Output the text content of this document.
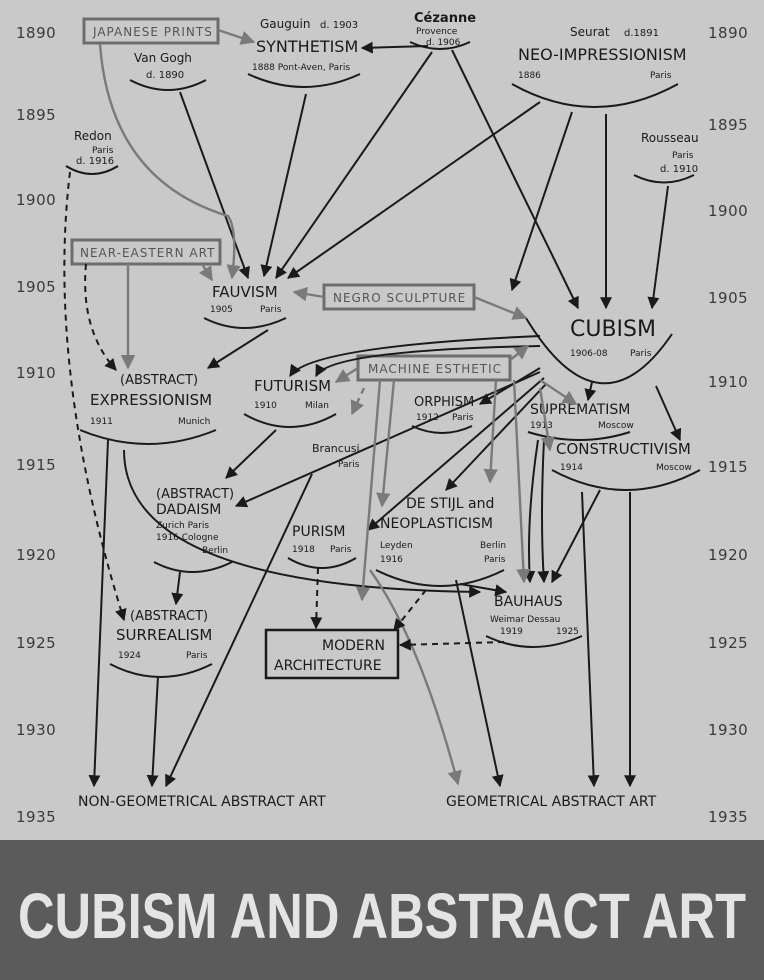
1890
1895
1900
1905
1910
1915
1920
1925
1930
1935
1890
1895
1900
1905
1910
1915
1920
1925
1930
1935
JAPANESE PRINTS
NEAR-EASTERN ART
NEGRO SCULPTURE
MACHINE ESTHETIC
MODERN
ARCHITECTURE
Van Gogh
d. 1890
Gauguin d. 1903
SYNTHETISM
1888 Pont-Aven, Paris
Cézanne
Provence
d. 1906
Seurat d.1891
NEO-IMPRESSIONISM
1886	Paris
Redon
Paris
d. 1916
Rousseau
Paris
d. 1910
FAUVISM
1905	Paris
CUBISM
1906-08 Paris
(ABSTRACT)
EXPRESSIONISM
1911	Munich
FUTURISM
1910	Milan	ORPHISM
1912 Paris	SUPREMATISM
1913	Moscow
CONSTRUCTIVISM
1914	Moscow
Brancusi
Paris
(ABSTRACT)
DADAISM
Zurich Paris
1916 Cologne
Berlin
PURISM
1918 Paris
DE STIJL and
NEOPLASTICISM
Leyden	Berlin
1916	Paris
BAUHAUS
Weimar Dessau
1919	1925
(ABSTRACT)
SURREALISM
1924	Paris
NON-GEOMETRICAL ABSTRACT ART	GEOMETRICAL ABSTRACT ART
CUBISM AND ABSTRACT ART
